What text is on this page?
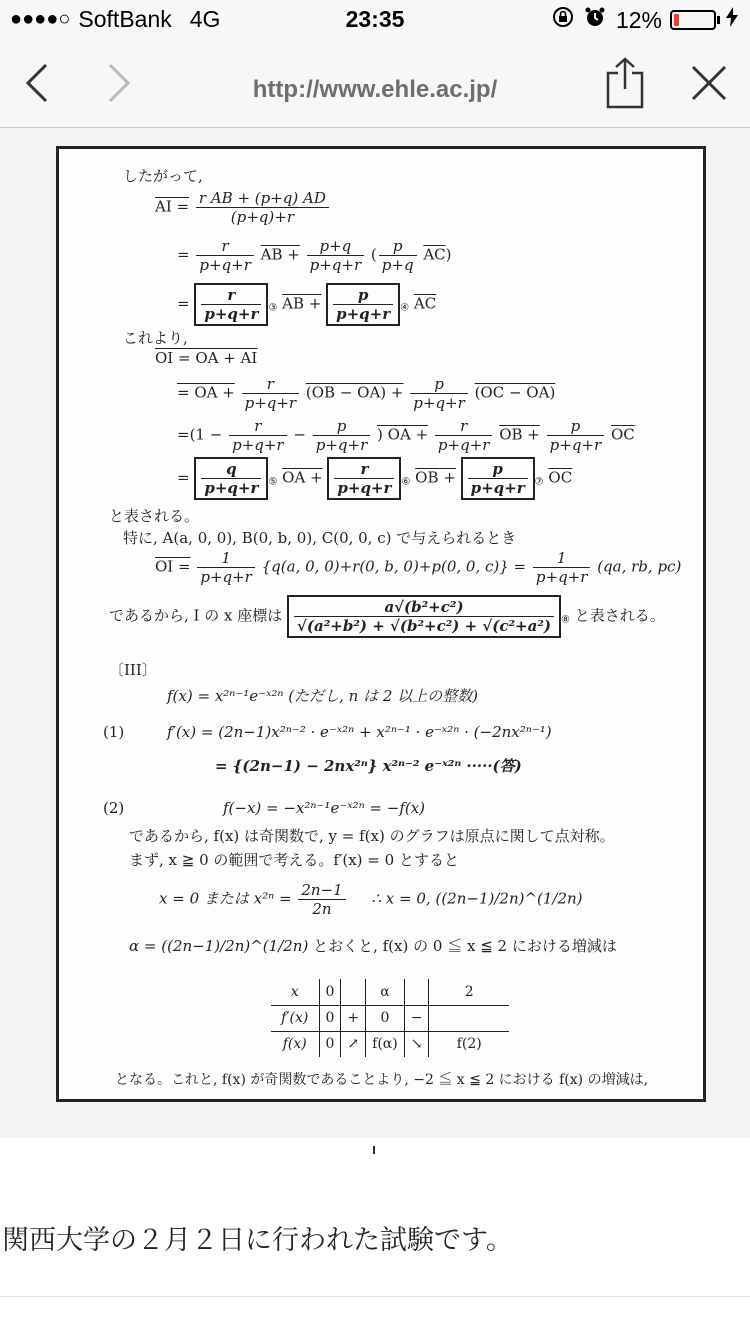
●●●●○ SoftBank 4G	23:35	12%
http://www.ehle.ac.jp/
したがって,
AI = $\frac{\text{r AB + (p+q) AD}}{(p+q)+r}$
= $\frac{r}{p+q+r}$ AB + $\frac{p+q}{p+q+r}$ ( $\frac{p}{p+q} \overline{AC}$)
= $\frac{r}{p+q+r} _③$ AB + $\frac{p}{p+q+r} _④$ $\overline{AC}$
これより,
OI = OA + AI
= OA + $\frac{r}{p+q+r} (OB - OA) + \frac{p}{p+q+r} (OC - OA)$
$=(1 - \frac{r}{p+q+r} - \frac{p}{p+q+r}$ ) OA + $\frac{r}{p+q+r}$ OB + $\frac{p}{p+q+r} \overline{OC}$
= $\frac{q}{p+q+r} _⑤$ OA + $\frac{r}{p+q+r} _⑥$ OB + $\frac{p}{p+q+r} _⑦$ $\overline{OC}$
と表される。
特に, A(a, 0, 0), B(0, b, 0), C(0, 0, c) で与えられるとき
OI = $\frac{1}{p+q+r} \{q(a$, 0, 0)+r(0, b, 0)+p(0, 0, $c)\} = \frac{1}{p+q+r} (qa$, rb, pc)
であるから, I の x 座標は $\frac{\text{a√(b²+c²)}}{\text{√(a²+b²) + √(b²+c²) + √(c²+a²)}} _⑧$ と表される。
〔III〕
f(x) = x²ⁿ⁻¹e⁻ˣ²ⁿ (ただし, n は 2 以上の整数)
(1)	f′(x) = (2n−1)x²ⁿ⁻² · e⁻ˣ²ⁿ + x²ⁿ⁻¹ · e⁻ˣ²ⁿ · (−2nx²ⁿ⁻¹)
= {(2n−1) − 2nx²ⁿ} x²ⁿ⁻² e⁻ˣ²ⁿ ·····(答)
(2)	f(−x) = −x²ⁿ⁻¹e⁻ˣ²ⁿ = −f(x)
であるから, f(x) は奇関数で, y = f(x) のグラフは原点に関して点対称。
まず, x ≧ 0 の範囲で考える。f′(x) = 0 とすると
x = 0 または $x^{2n} = \frac{2n-1}{2n}$ ∴ x = 0, ((2n−1)/2n)^(1/2n)
α = ((2n−1)/2n)^(1/2n) とおくと, f(x) の 0 ≦ x ≦ 2 における増減は
x	0		α		2
f′(x)	0	+	0	−	
f(x)	0	↗	f(α)	↘	f(2)
となる。これと, f(x) が奇関数であることより, −2 ≦ x ≦ 2 における f(x) の増減は,
関西大学の２月２日に行われた試験です。
